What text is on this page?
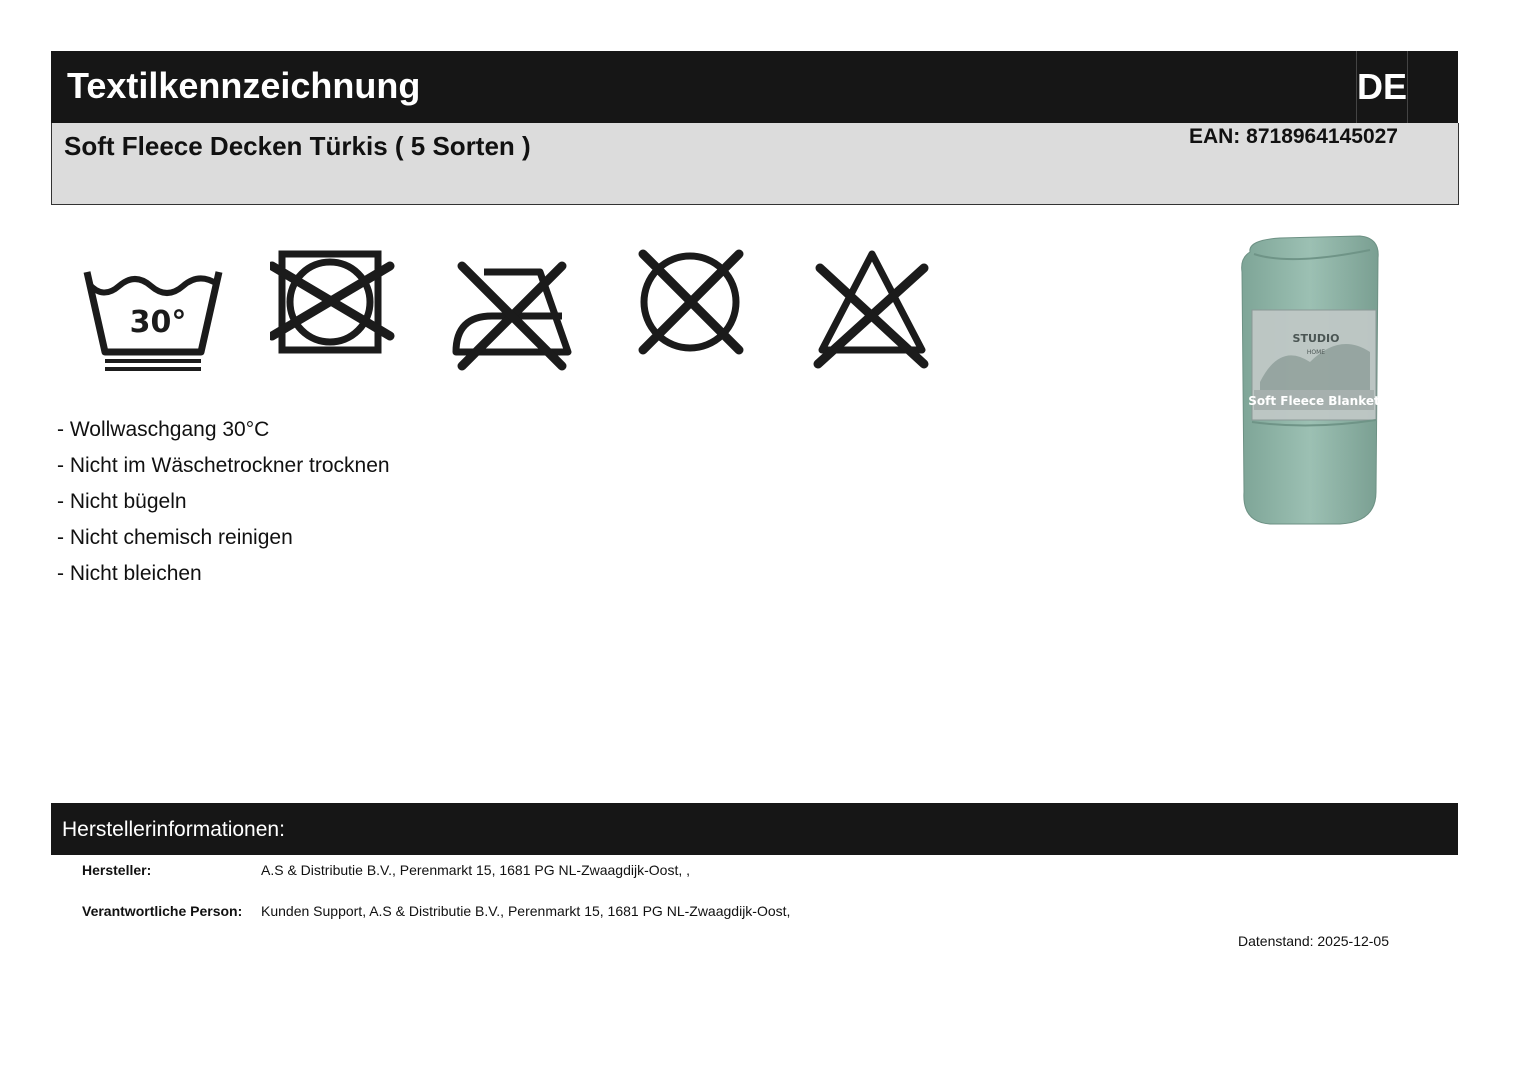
Textilkennzeichnung	DE
Soft Fleece Decken Türkis ( 5 Sorten )	EAN: 8718964145027
30°
- Wollwaschgang 30°C
- Nicht im Wäschetrockner trocknen
- Nicht bügeln
- Nicht chemisch reinigen
- Nicht bleichen
STUDIO
HOME
Soft Fleece Blanket
Herstellerinformationen:
Hersteller:	A.S & Distributie B.V., Perenmarkt 15, 1681 PG NL-Zwaagdijk-Oost, ,
Verantwortliche Person: Kunden Support, A.S & Distributie B.V., Perenmarkt 15, 1681 PG NL-Zwaagdijk-Oost,
Datenstand: 2025-12-05
